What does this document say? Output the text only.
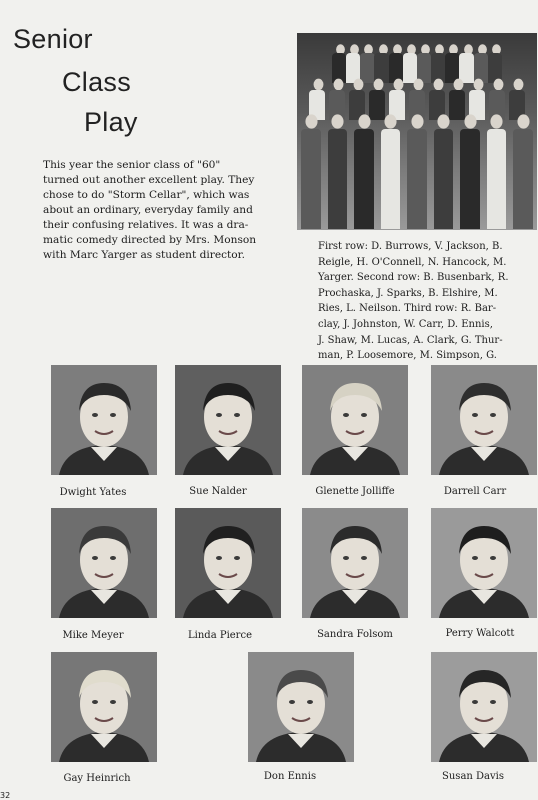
Senior
Class
Play
This year the senior class of "60"
turned out another excellent play. They
chose to do "Storm Cellar", which was
about an ordinary, everyday family and
their confusing relatives. It was a dra-
matic comedy directed by Mrs. Monson
with Marc Yarger as student director.
First row: D. Burrows, V. Jackson, B.
Reigle, H. O'Connell, N. Hancock, M.
Yarger. Second row: B. Busenbark, R.
Prochaska, J. Sparks, B. Elshire, M.
Ries, L. Neilson. Third row: R. Bar-
clay, J. Johnston, W. Carr, D. Ennis,
J. Shaw, M. Lucas, A. Clark, G. Thur-
man, P. Loosemore, M. Simpson, G.
Dwight Yates	Sue Nalder	Glenette Jolliffe	Darrell Carr
Mike Meyer	Linda Pierce	Sandra Folsom	Perry Walcott
Gay Heinrich	Don Ennis	Susan Davis
32
